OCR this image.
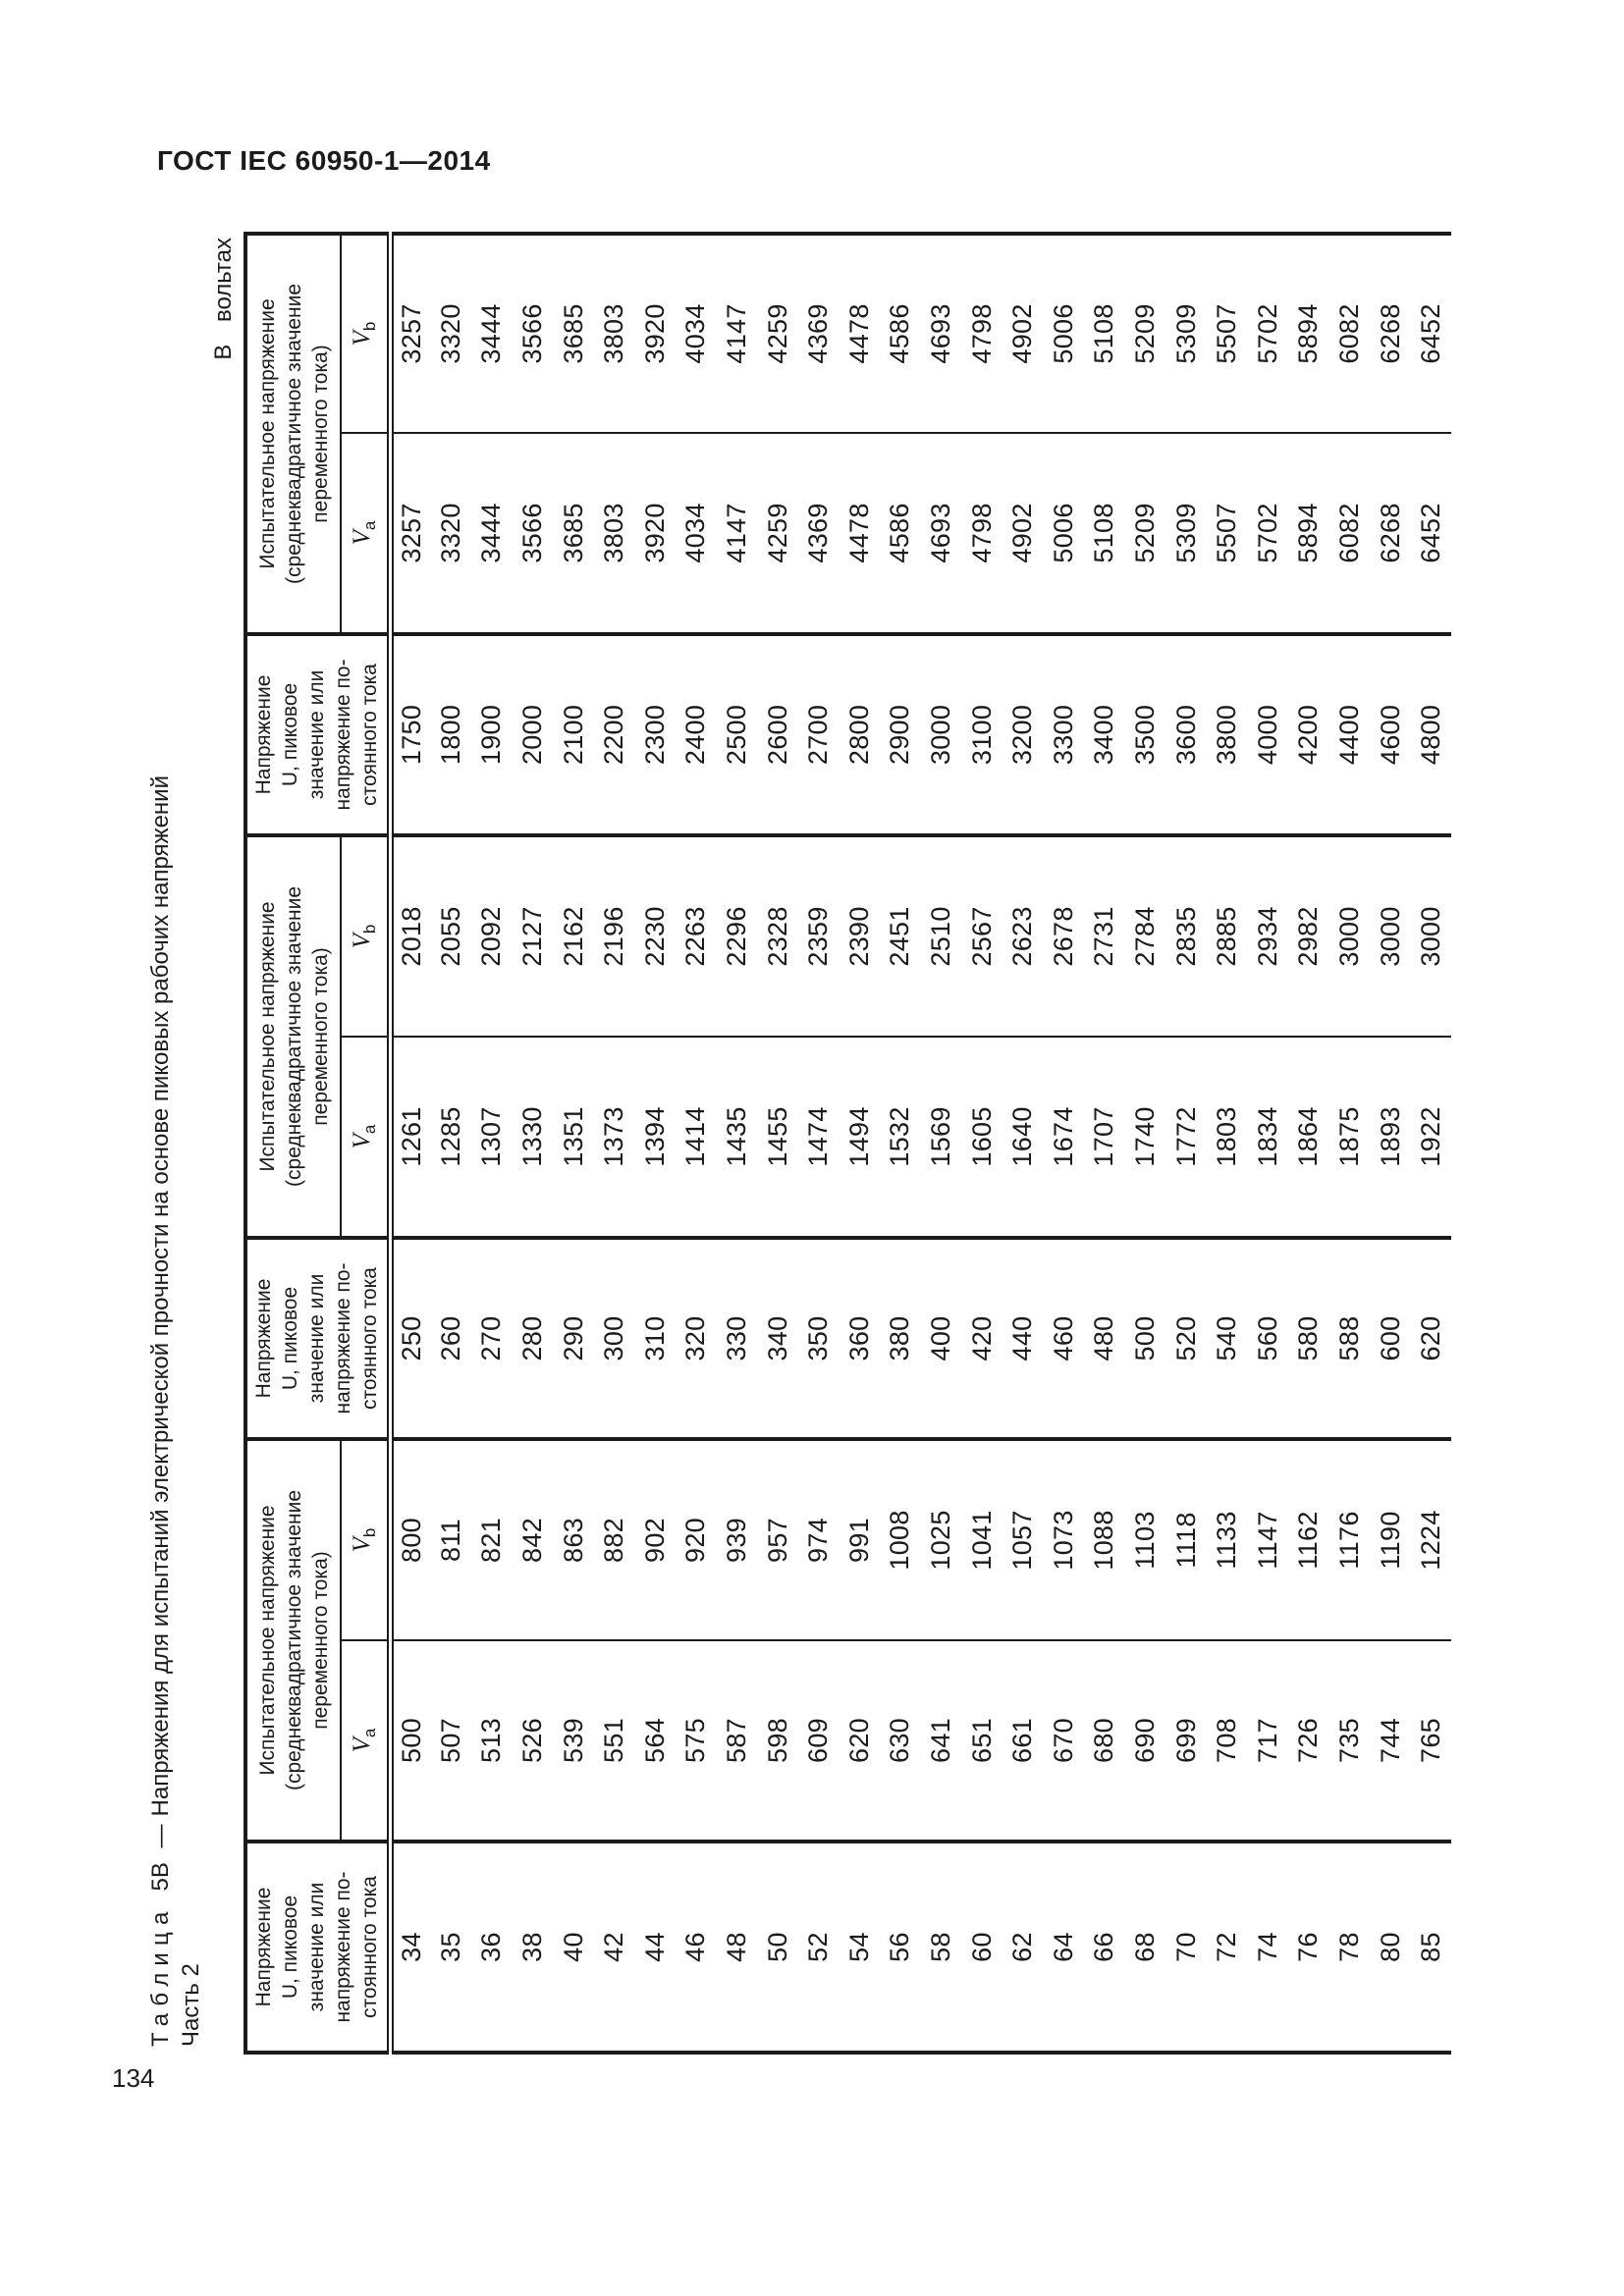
ГОСТ IEC 60950-1—2014
Таблица5В —Напряжения для испытаний электрической прочности на основе пиковых рабочих напряжений
Часть 2
В вольтах
Напряжение U, пиковое значение или напряжение по- стоянного тока	Испытательное напряжение (среднеквадратичное значение переменного тока)		Напряжение U, пиковое значение или напряжение по- стоянного тока	Испытательное напряжение (среднеквадратичное значение переменного тока)		Напряжение U, пиковое значение или напряжение по- стоянного тока	Испытательное напряжение (среднеквадратичное значение переменного тока)	

	$V_a$	$V_b$		$V_a$	$V_b$		$V_a$	$V_b$
34	500	800	250	1261	2018	1750	3257	3257
35	507	811	260	1285	2055	1800	3320	3320
36	513	821	270	1307	2092	1900	3444	3444
38	526	842	280	1330	2127	2000	3566	3566
40	539	863	290	1351	2162	2100	3685	3685
42	551	882	300	1373	2196	2200	3803	3803
44	564	902	310	1394	2230	2300	3920	3920
46	575	920	320	1414	2263	2400	4034	4034
48	587	939	330	1435	2296	2500	4147	4147
50	598	957	340	1455	2328	2600	4259	4259
52	609	974	350	1474	2359	2700	4369	4369
54	620	991	360	1494	2390	2800	4478	4478
56	630	1008	380	1532	2451	2900	4586	4586
58	641	1025	400	1569	2510	3000	4693	4693
60	651	1041	420	1605	2567	3100	4798	4798
62	661	1057	440	1640	2623	3200	4902	4902
64	670	1073	460	1674	2678	3300	5006	5006
66	680	1088	480	1707	2731	3400	5108	5108
68	690	1103	500	1740	2784	3500	5209	5209
70	699	1118	520	1772	2835	3600	5309	5309
72	708	1133	540	1803	2885	3800	5507	5507
74	717	1147	560	1834	2934	4000	5702	5702
76	726	1162	580	1864	2982	4200	5894	5894
78	735	1176	588	1875	3000	4400	6082	6082
80	744	1190	600	1893	3000	4600	6268	6268
85	765	1224	620	1922	3000	4800	6452	6452
134
